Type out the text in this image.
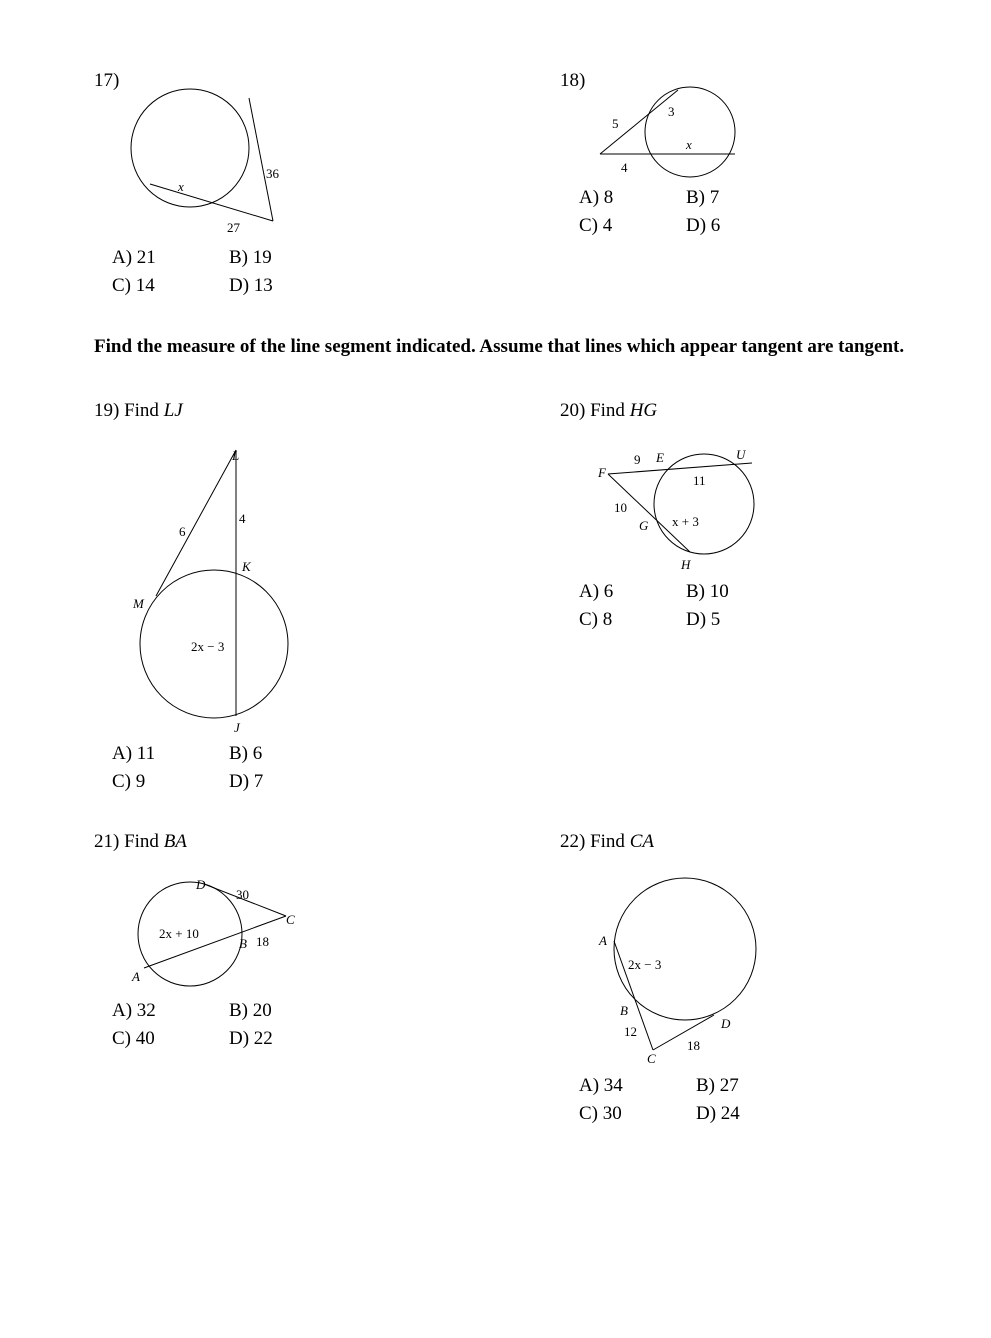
17)
x
36
27
A) 21	B) 19
C) 14	D) 13
18)
5
3
4
x
A) 8	B) 7
C) 4	D) 6
Find the measure of the line segment indicated. Assume that lines which appear tangent are tangent.
19) Find LJ
L
K
M
J
6
4
2x − 3
A) 11	B) 6
C) 9	D) 7
20) Find HG
F
E	U
G
H
9
11
10
x + 3
A) 6	B) 10
C) 8	D) 5
21) Find BA
D
C
B
A
30
18
2x + 10
A) 32	B) 20
C) 40	D) 22
22) Find CA
A
B
C
D
12
18
2x − 3
A) 34	B) 27
C) 30	D) 24
